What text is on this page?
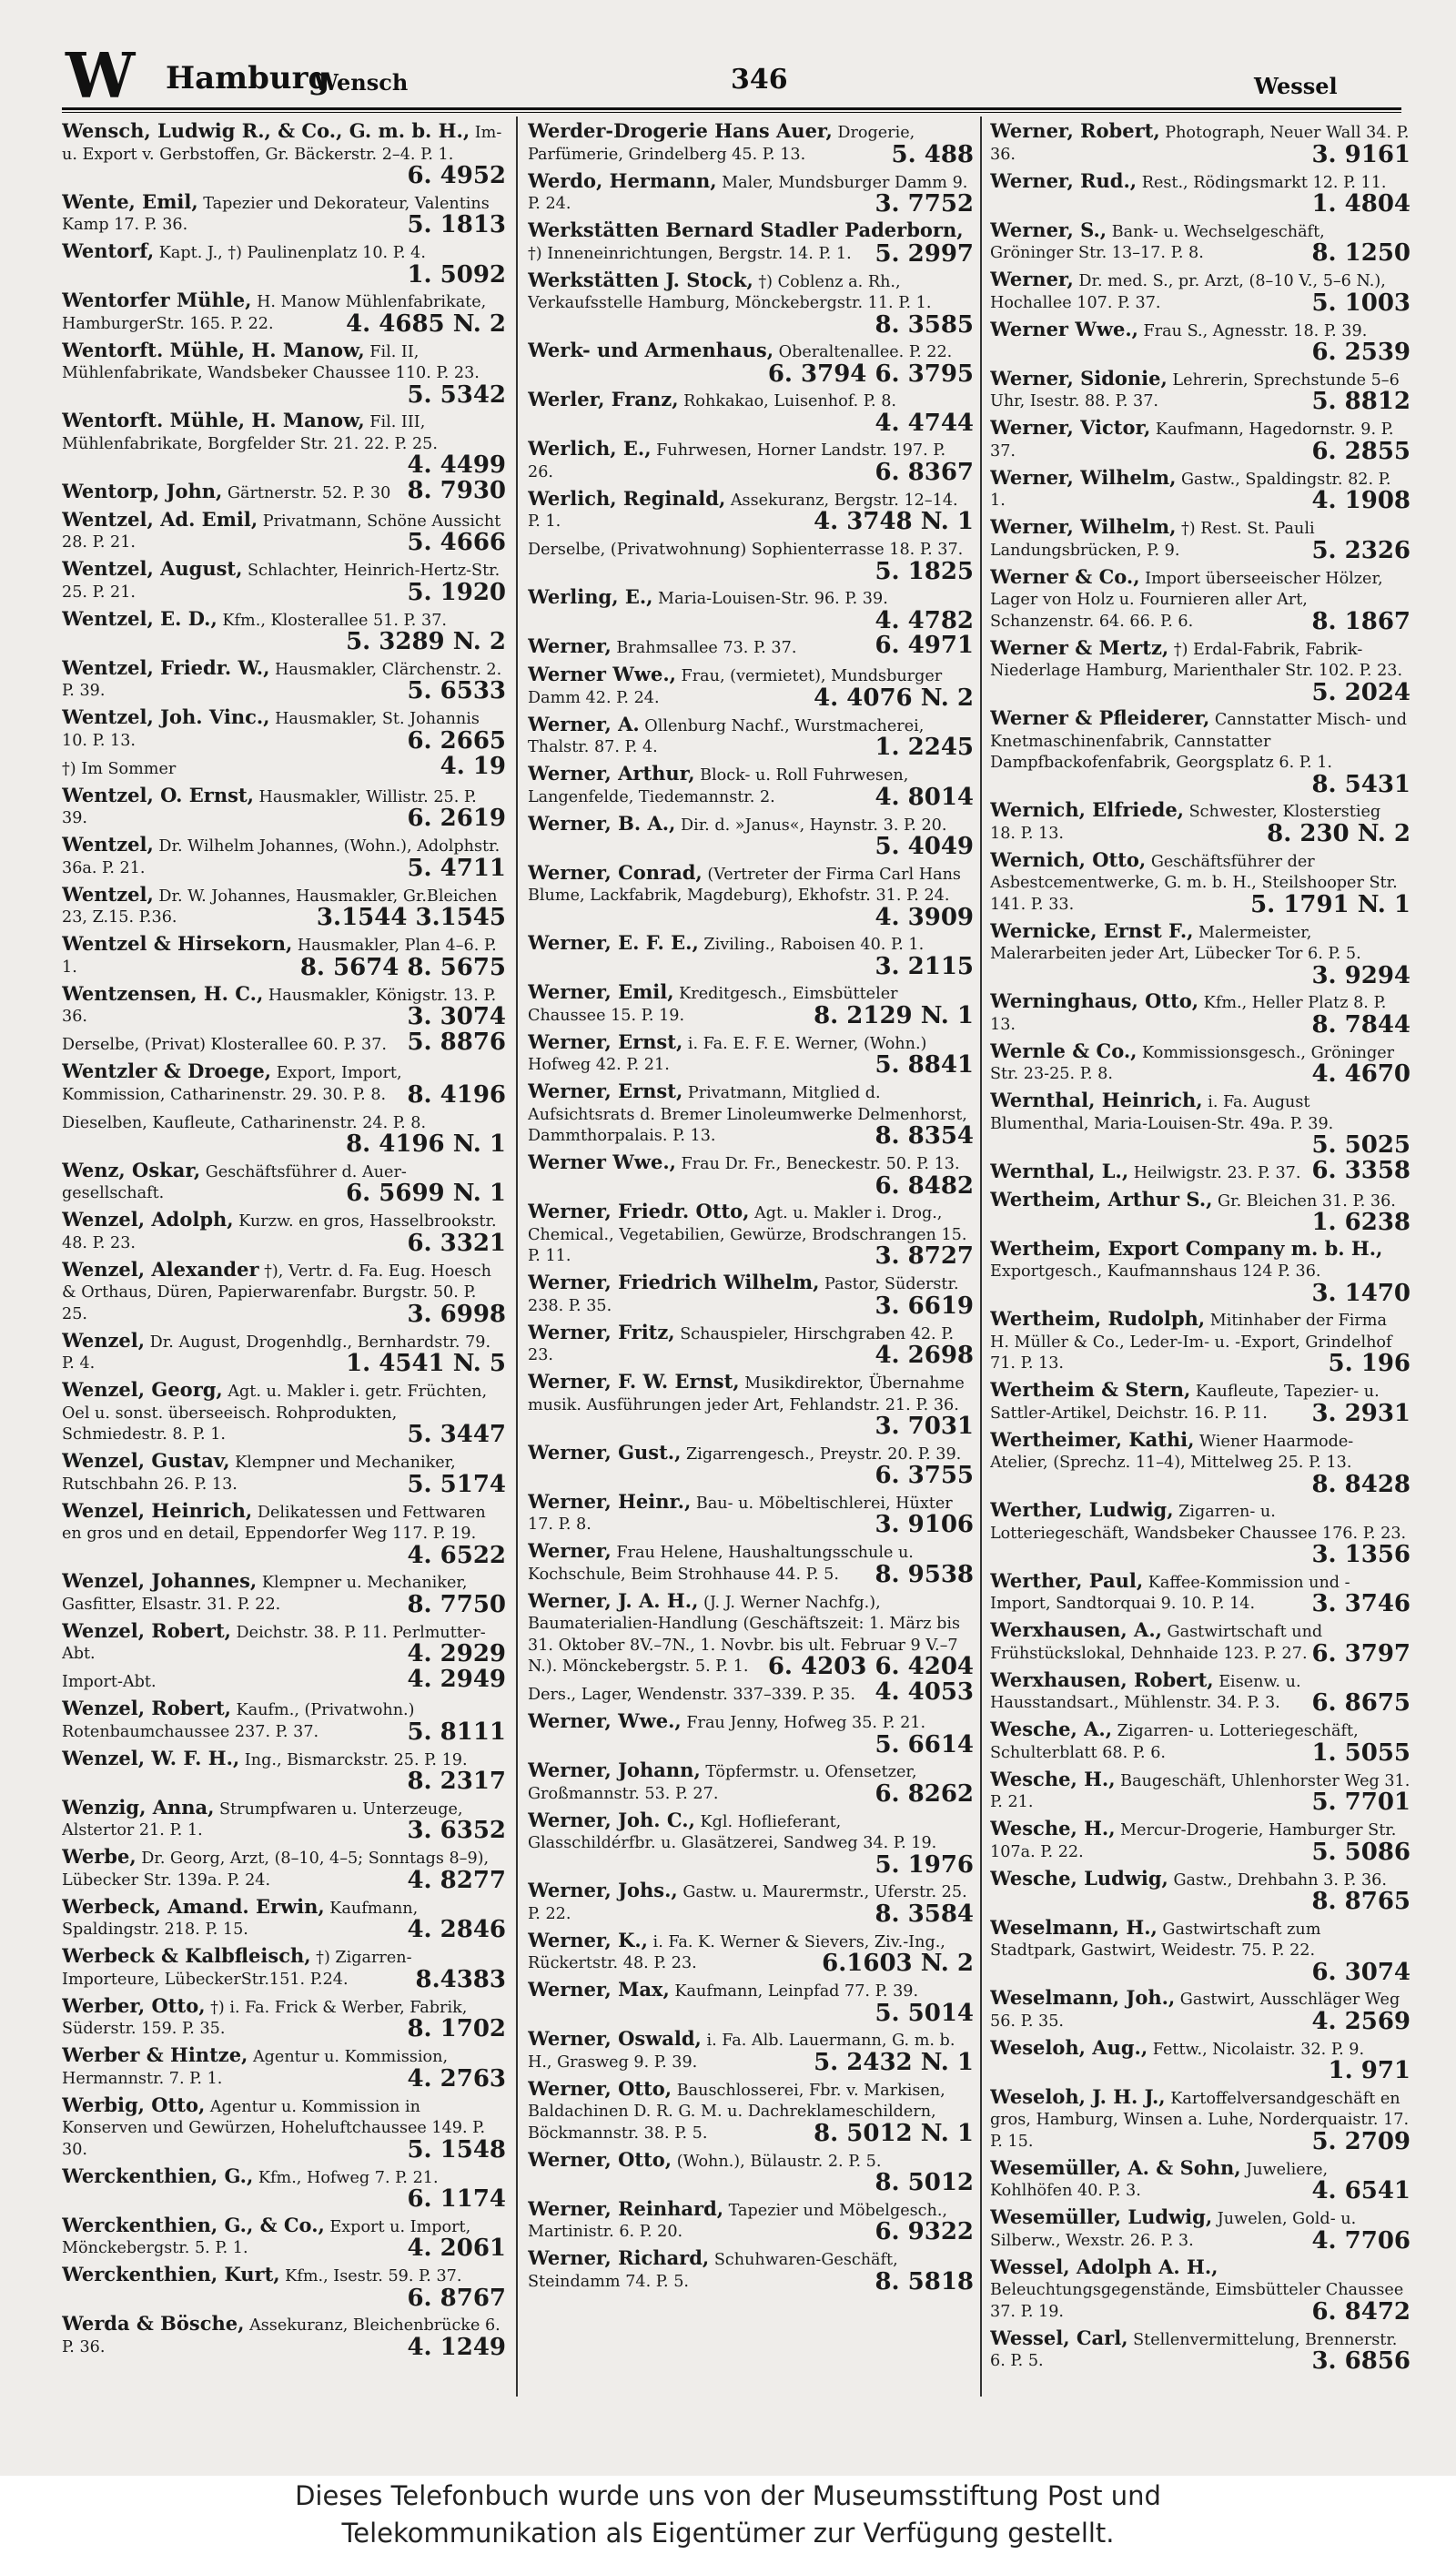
W Hamburg
Wensch	346	Wessel
Wensch, Ludwig R., & Co., G. m. b. H., Im- u. Export v. Gerbstoffen, Gr. Bäckerstr. 2–4. P. 1.
6. 4952
Wente, Emil, Tapezier und Dekorateur, Valentins Kamp 17. P. 36.	5. 1813
Wentorf, Kapt. J., †) Paulinenplatz 10. P. 4.
1. 5092
Wentorfer Mühle, H. Manow Mühlenfabrikate, HamburgerStr. 165. P. 22.	4. 4685 N. 2
Wentorft. Mühle, H. Manow, Fil. II, Mühlenfabrikate, Wandsbeker Chaussee 110. P. 23.
5. 5342
Wentorft. Mühle, H. Manow, Fil. III, Mühlenfabrikate, Borgfelder Str. 21. 22. P. 25.
4. 4499
Wentorp, John, Gärtnerstr. 52. P. 30 8. 7930
Wentzel, Ad. Emil, Privatmann, Schöne Aussicht 28. P. 21.	5. 4666
Wentzel, August, Schlachter, Heinrich-Hertz-Str. 25. P. 21.	5. 1920
Wentzel, E. D., Kfm., Klosterallee 51. P. 37.
5. 3289 N. 2
Wentzel, Friedr. W., Hausmakler, Clärchenstr. 2. P. 39.	5. 6533
Wentzel, Joh. Vinc., Hausmakler, St. Johannis 10. P. 13.	6. 2665
†) Im Sommer	4. 19
Wentzel, O. Ernst, Hausmakler, Willistr. 25. P. 39.	6. 2619
Wentzel, Dr. Wilhelm Johannes, (Wohn.), Adolphstr. 36a. P. 21.	5. 4711
Wentzel, Dr. W. Johannes, Hausmakler, Gr.Bleichen 23, Z.15. P.36.	3.1544 3.1545
Wentzel & Hirsekorn, Hausmakler, Plan 4–6. P. 1.	8. 5674 8. 5675
Wentzensen, H. C., Hausmakler, Königstr. 13. P. 36.	3. 3074
Derselbe, (Privat) Klosterallee 60. P. 37. 5. 8876
Wentzler & Droege, Export, Import, Kommission, Catharinenstr. 29. 30. P. 8. 8. 4196
Dieselben, Kaufleute, Catharinenstr. 24. P. 8.
8. 4196 N. 1
Wenz, Oskar, Geschäftsführer d. Auer-gesellschaft.	6. 5699 N. 1
Wenzel, Adolph, Kurzw. en gros, Hasselbrookstr. 48. P. 23.	6. 3321
Wenzel, Alexander †), Vertr. d. Fa. Eug. Hoesch & Orthaus, Düren, Papierwarenfabr. Burgstr. 50. P. 25.	3. 6998
Wenzel, Dr. August, Drogenhdlg., Bernhardstr. 79. P. 4.	1. 4541 N. 5
Wenzel, Georg, Agt. u. Makler i. getr. Früchten, Oel u. sonst. überseeisch. Rohprodukten, Schmiedestr. 8. P. 1.	5. 3447
Wenzel, Gustav, Klempner und Mechaniker, Rutschbahn 26. P. 13.	5. 5174
Wenzel, Heinrich, Delikatessen und Fettwaren en gros und en detail, Eppendorfer Weg 117. P. 19.
4. 6522
Wenzel, Johannes, Klempner u. Mechaniker, Gasfitter, Elsastr. 31. P. 22.	8. 7750
Wenzel, Robert, Deichstr. 38. P. 11. Perlmutter-Abt.	4. 2929
Import-Abt.	4. 2949
Wenzel, Robert, Kaufm., (Privatwohn.) Rotenbaumchaussee 237. P. 37.	5. 8111
Wenzel, W. F. H., Ing., Bismarckstr. 25. P. 19.
8. 2317
Wenzig, Anna, Strumpfwaren u. Unterzeuge, Alstertor 21. P. 1.	3. 6352
Werbe, Dr. Georg, Arzt, (8–10, 4–5; Sonntags 8–9), Lübecker Str. 139a. P. 24.	4. 8277
Werbeck, Amand. Erwin, Kaufmann, Spaldingstr. 218. P. 15.	4. 2846
Werbeck & Kalbfleisch, †) Zigarren-Importeure, LübeckerStr.151. P.24.	8.4383
Werber, Otto, †) i. Fa. Frick & Werber, Fabrik, Süderstr. 159. P. 35.	8. 1702
Werber & Hintze, Agentur u. Kommission, Hermannstr. 7. P. 1.	4. 2763
Werbig, Otto, Agentur u. Kommission in Konserven und Gewürzen, Hoheluftchaussee 149. P. 30.	5. 1548
Werckenthien, G., Kfm., Hofweg 7. P. 21.
6. 1174
Werckenthien, G., & Co., Export u. Import, Mönckebergstr. 5. P. 1.	4. 2061
Werckenthien, Kurt, Kfm., Isestr. 59. P. 37.
6. 8767
Werda & Bösche, Assekuranz, Bleichenbrücke 6. P. 36.	4. 1249
Werder-Drogerie Hans Auer, Drogerie, Parfümerie, Grindelberg 45. P. 13.	5. 488
Werdo, Hermann, Maler, Mundsburger Damm 9. P. 24.	3. 7752
Werkstätten Bernard Stadler Paderborn, †) Inneneinrichtungen, Bergstr. 14. P. 1. 5. 2997
Werkstätten J. Stock, †) Coblenz a. Rh., Verkaufsstelle Hamburg, Mönckebergstr. 11. P. 1.
8. 3585
Werk- und Armenhaus, Oberaltenallee. P. 22.
6. 3794 6. 3795
Werler, Franz, Rohkakao, Luisenhof. P. 8.
4. 4744
Werlich, E., Fuhrwesen, Horner Landstr. 197. P. 26.	6. 8367
Werlich, Reginald, Assekuranz, Bergstr. 12–14. P. 1.	4. 3748 N. 1
Derselbe, (Privatwohnung) Sophienterrasse 18. P. 37.
5. 1825
Werling, E., Maria-Louisen-Str. 96. P. 39.
4. 4782
Werner, Brahmsallee 73. P. 37.	6. 4971
Werner Wwe., Frau, (vermietet), Mundsburger Damm 42. P. 24.	4. 4076 N. 2
Werner, A. Ollenburg Nachf., Wurstmacherei, Thalstr. 87. P. 4.	1. 2245
Werner, Arthur, Block- u. Roll Fuhrwesen, Langenfelde, Tiedemannstr. 2.	4. 8014
Werner, B. A., Dir. d. »Janus«, Haynstr. 3. P. 20.
5. 4049
Werner, Conrad, (Vertreter der Firma Carl Hans Blume, Lackfabrik, Magdeburg), Ekhofstr. 31. P. 24.
4. 3909
Werner, E. F. E., Ziviling., Raboisen 40. P. 1.
3. 2115
Werner, Emil, Kreditgesch., Eimsbütteler Chaussee 15. P. 19.	8. 2129 N. 1
Werner, Ernst, i. Fa. E. F. E. Werner, (Wohn.) Hofweg 42. P. 21.	5. 8841
Werner, Ernst, Privatmann, Mitglied d. Aufsichtsrats d. Bremer Linoleumwerke Delmenhorst, Dammthorpalais. P. 13.	8. 8354
Werner Wwe., Frau Dr. Fr., Beneckestr. 50. P. 13.
6. 8482
Werner, Friedr. Otto, Agt. u. Makler i. Drog., Chemical., Vegetabilien, Gewürze, Brodschrangen 15. P. 11.	3. 8727
Werner, Friedrich Wilhelm, Pastor, Süderstr. 238. P. 35.	3. 6619
Werner, Fritz, Schauspieler, Hirschgraben 42. P. 23.	4. 2698
Werner, F. W. Ernst, Musikdirektor, Übernahme musik. Ausführungen jeder Art, Fehlandstr. 21. P. 36.
3. 7031
Werner, Gust., Zigarrengesch., Preystr. 20. P. 39.
6. 3755
Werner, Heinr., Bau- u. Möbeltischlerei, Hüxter 17. P. 8.	3. 9106
Werner, Frau Helene, Haushaltungsschule u. Kochschule, Beim Strohhause 44. P. 5. 8. 9538
Werner, J. A. H., (J. J. Werner Nachfg.), Baumaterialien-Handlung (Geschäftszeit: 1. März bis 31. Oktober 8V.–7N., 1. Novbr. bis ult. Februar 9 V.–7 N.). Mönckebergstr. 5. P. 1. 6. 4203 6. 4204
Ders., Lager, Wendenstr. 337–339. P. 35. 4. 4053
Werner, Wwe., Frau Jenny, Hofweg 35. P. 21.
5. 6614
Werner, Johann, Töpfermstr. u. Ofensetzer, Großmannstr. 53. P. 27.	6. 8262
Werner, Joh. C., Kgl. Hoflieferant, Glasschildérfbr. u. Glasätzerei, Sandweg 34. P. 19.
5. 1976
Werner, Johs., Gastw. u. Maurermstr., Uferstr. 25. P. 22.	8. 3584
Werner, K., i. Fa. K. Werner & Sievers, Ziv.-Ing., Rückertstr. 48. P. 23.	6.1603 N. 2
Werner, Max, Kaufmann, Leinpfad 77. P. 39.
5. 5014
Werner, Oswald, i. Fa. Alb. Lauermann, G. m. b. H., Grasweg 9. P. 39.	5. 2432 N. 1
Werner, Otto, Bauschlosserei, Fbr. v. Markisen, Baldachinen D. R. G. M. u. Dachreklameschildern, Böckmannstr. 38. P. 5.	8. 5012 N. 1
Werner, Otto, (Wohn.), Bülaustr. 2. P. 5.
8. 5012
Werner, Reinhard, Tapezier und Möbelgesch., Martinistr. 6. P. 20.	6. 9322
Werner, Richard, Schuhwaren-Geschäft, Steindamm 74. P. 5.	8. 5818
Werner, Robert, Photograph, Neuer Wall 34. P. 36.	3. 9161
Werner, Rud., Rest., Rödingsmarkt 12. P. 11.
1. 4804
Werner, S., Bank- u. Wechselgeschäft, Gröninger Str. 13–17. P. 8.	8. 1250
Werner, Dr. med. S., pr. Arzt, (8–10 V., 5–6 N.), Hochallee 107. P. 37.	5. 1003
Werner Wwe., Frau S., Agnesstr. 18. P. 39.
6. 2539
Werner, Sidonie, Lehrerin, Sprechstunde 5–6 Uhr, Isestr. 88. P. 37.	5. 8812
Werner, Victor, Kaufmann, Hagedornstr. 9. P. 37.	6. 2855
Werner, Wilhelm, Gastw., Spaldingstr. 82. P. 1.	4. 1908
Werner, Wilhelm, †) Rest. St. Pauli Landungsbrücken, P. 9.	5. 2326
Werner & Co., Import überseeischer Hölzer, Lager von Holz u. Fournieren aller Art, Schanzenstr. 64. 66. P. 6.	8. 1867
Werner & Mertz, †) Erdal-Fabrik, Fabrik-Niederlage Hamburg, Marienthaler Str. 102. P. 23.
5. 2024
Werner & Pfleiderer, Cannstatter Misch- und Knetmaschinenfabrik, Cannstatter Dampfbackofenfabrik, Georgsplatz 6. P. 1.
8. 5431
Wernich, Elfriede, Schwester, Klosterstieg 18. P. 13.	8. 230 N. 2
Wernich, Otto, Geschäftsführer der Asbestcementwerke, G. m. b. H., Steilshooper Str. 141. P. 33.	5. 1791 N. 1
Wernicke, Ernst F., Malermeister, Malerarbeiten jeder Art, Lübecker Tor 6. P. 5.
3. 9294
Werninghaus, Otto, Kfm., Heller Platz 8. P. 13.	8. 7844
Wernle & Co., Kommissionsgesch., Gröninger Str. 23-25. P. 8.	4. 4670
Wernthal, Heinrich, i. Fa. August Blumenthal, Maria-Louisen-Str. 49a. P. 39.
5. 5025
Wernthal, L., Heilwigstr. 23. P. 37. 6. 3358
Wertheim, Arthur S., Gr. Bleichen 31. P. 36.
1. 6238
Wertheim, Export Company m. b. H., Exportgesch., Kaufmannshaus 124 P. 36.
3. 1470
Wertheim, Rudolph, Mitinhaber der Firma H. Müller & Co., Leder-Im- u. -Export, Grindelhof 71. P. 13.	5. 196
Wertheim & Stern, Kaufleute, Tapezier- u. Sattler-Artikel, Deichstr. 16. P. 11. 3. 2931
Wertheimer, Kathi, Wiener Haarmode-Atelier, (Sprechz. 11–4), Mittelweg 25. P. 13.
8. 8428
Werther, Ludwig, Zigarren- u. Lotteriegeschäft, Wandsbeker Chaussee 176. P. 23.
3. 1356
Werther, Paul, Kaffee-Kommission und -Import, Sandtorquai 9. 10. P. 14. 3. 3746
Werxhausen, A., Gastwirtschaft und Frühstückslokal, Dehnhaide 123. P. 27. 6. 3797
Werxhausen, Robert, Eisenw. u. Hausstandsart., Mühlenstr. 34. P. 3. 6. 8675
Wesche, A., Zigarren- u. Lotteriegeschäft, Schulterblatt 68. P. 6.	1. 5055
Wesche, H., Baugeschäft, Uhlenhorster Weg 31. P. 21.	5. 7701
Wesche, H., Mercur-Drogerie, Hamburger Str. 107a. P. 22.	5. 5086
Wesche, Ludwig, Gastw., Drehbahn 3. P. 36.
8. 8765
Weselmann, H., Gastwirtschaft zum Stadtpark, Gastwirt, Weidestr. 75. P. 22.
6. 3074
Weselmann, Joh., Gastwirt, Ausschläger Weg 56. P. 35.	4. 2569
Weseloh, Aug., Fettw., Nicolaistr. 32. P. 9.
1. 971
Weseloh, J. H. J., Kartoffelversandgeschäft en gros, Hamburg, Winsen a. Luhe, Norderquaistr. 17. P. 15.	5. 2709
Wesemüller, A. & Sohn, Juweliere, Kohlhöfen 40. P. 3.	4. 6541
Wesemüller, Ludwig, Juwelen, Gold- u. Silberw., Wexstr. 26. P. 3.	4. 7706
Wessel, Adolph A. H., Beleuchtungsgegenstände, Eimsbütteler Chaussee 37. P. 19.	6. 8472
Wessel, Carl, Stellenvermittelung, Brennerstr. 6. P. 5.	3. 6856
Dieses Telefonbuch wurde uns von der Museumsstiftung Post und
Telekommunikation als Eigentümer zur Verfügung gestellt.
